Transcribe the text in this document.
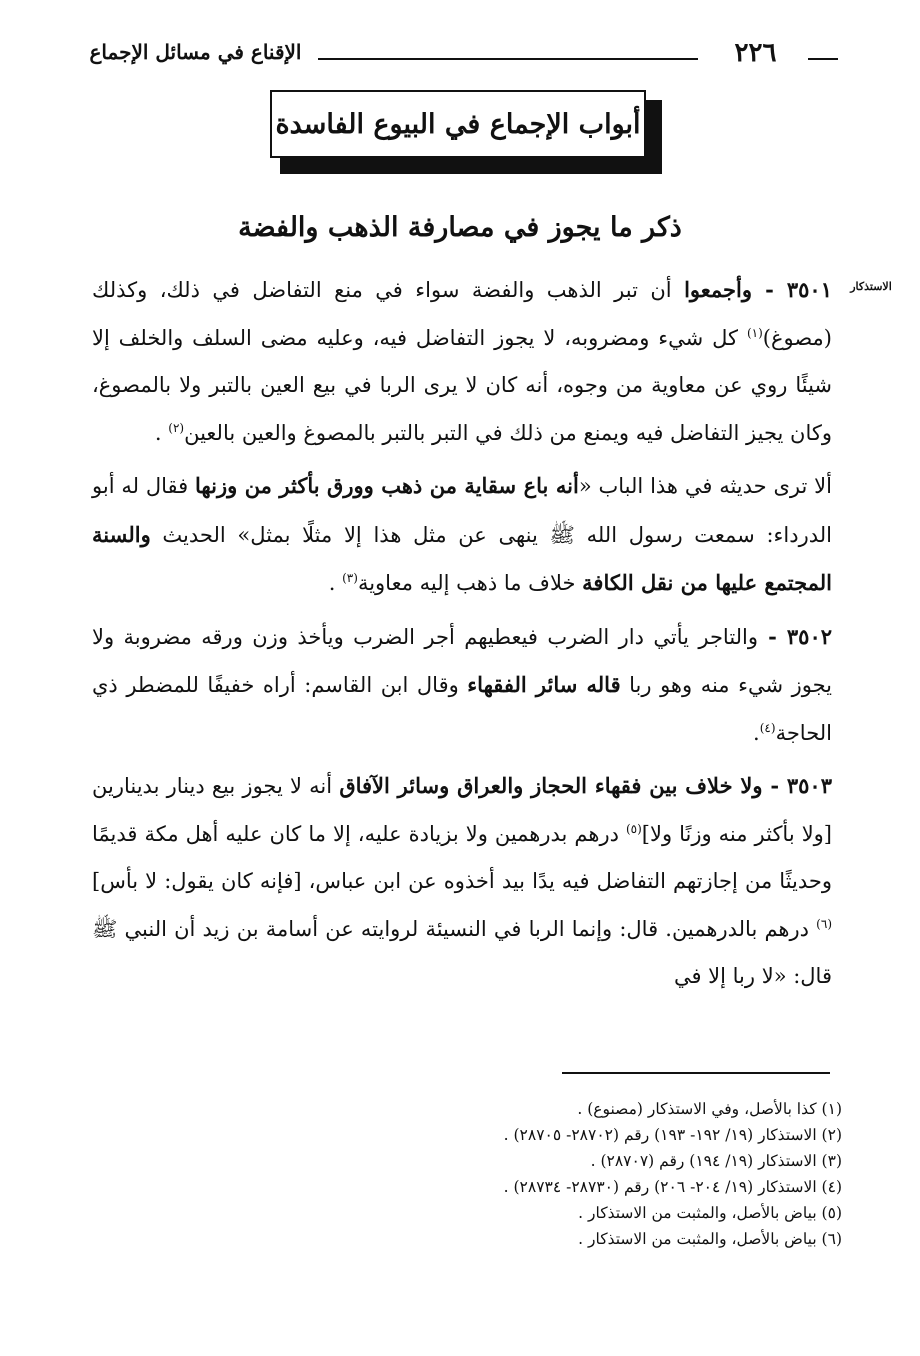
٢٢٦
الإقناع في مسائل الإجماع
أبواب الإجماع في البيوع الفاسدة
ذكر ما يجوز في مصارفة الذهب والفضة
الاستذكار

٣٥٠١ - وأجمعوا أن تبر الذهب والفضة سواء في منع التفاضل في ذلك، وكذلك (مصوغ)$^{(١)}$ كل شيء ومضروبه، لا يجوز التفاضل فيه، وعليه مضى السلف والخلف إلا شيئًا روي عن معاوية من وجوه، أنه كان لا يرى الربا في بيع العين بالتبر ولا بالمصوغ، وكان يجيز التفاضل فيه ويمنع من ذلك في التبر بالتبر بالمصوغ والعين بالعين$^{(٢)}$ .

ألا ترى حديثه في هذا الباب «أنه باع سقاية من ذهب وورق بأكثر من وزنها فقال له أبو الدرداء: سمعت رسول الله ﷺ ينهى عن مثل هذا إلا مثلًا بمثل» الحديث والسنة المجتمع عليها من نقل الكافة خلاف ما ذهب إليه معاوية$^{(٣)}$ .

٣٥٠٢ - والتاجر يأتي دار الضرب فيعطيهم أجر الضرب ويأخذ وزن ورقه مضروبة ولا يجوز شيء منه وهو ربا قاله سائر الفقهاء وقال ابن القاسم: أراه خفيفًا للمضطر ذي الحاجة$^{(٤)}$.

٣٥٠٣ - ولا خلاف بين فقهاء الحجاز والعراق وسائر الآفاق أنه لا يجوز بيع دينار بدينارين [ولا بأكثر منه وزنًا ولا]$^{(٥)}$ درهم بدرهمين ولا بزيادة عليه، إلا ما كان عليه أهل مكة قديمًا وحديثًا من إجازتهم التفاضل فيه يدًا بيد أخذوه عن ابن عباس، [فإنه كان يقول: لا بأس]$^{(٦)}$ درهم بالدرهمين. قال: وإنما الربا في النسيئة لروايته عن أسامة بن زيد أن النبي ﷺ قال: «لا ربا إلا في

(١) كذا بالأصل، وفي الاستذكار (مصنوع) .
(٢) الاستذكار (١٩/ ١٩٢- ١٩٣) رقم (٢٨٧٠٢- ٢٨٧٠٥) .
(٣) الاستذكار (١٩/ ١٩٤) رقم (٢٨٧٠٧) .
(٤) الاستذكار (١٩/ ٢٠٤- ٢٠٦) رقم (٢٨٧٣٠- ٢٨٧٣٤) .
(٥) بياض بالأصل، والمثبت من الاستذكار .
(٦) بياض بالأصل، والمثبت من الاستذكار .
